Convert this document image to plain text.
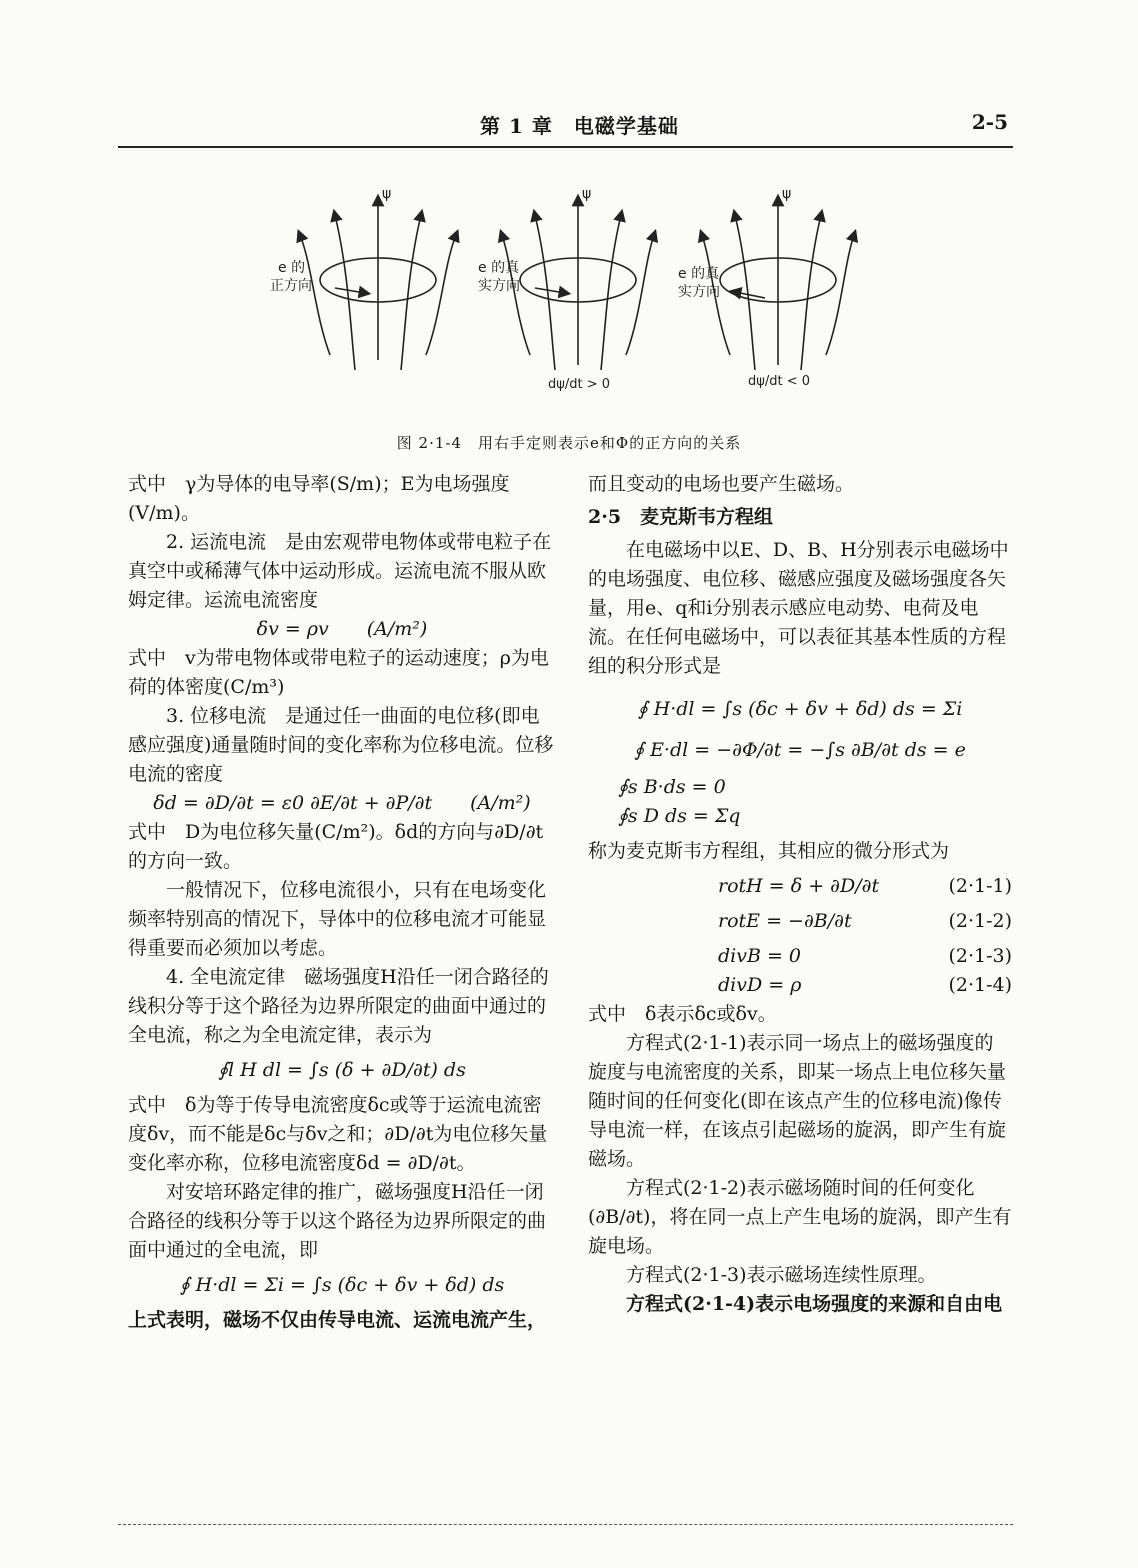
第 1 章　电磁学基础	2-5
ψ	ψ	ψ
e 的
正方向
e 的真
实方向
e 的真
实方向
dψ/dt > 0	dψ/dt < 0
图 2·1-4　用右手定则表示e和Φ的正方向的关系

式中　γ为导体的电导率(S/m)；E为电场强度(V/m)。

2. 运流电流　是由宏观带电物体或带电粒子在真空中或稀薄气体中运动形成。运流电流不服从欧姆定律。运流电流密度

δv = ρv　　(A/m²)

式中　v为带电物体或带电粒子的运动速度；ρ为电荷的体密度(C/m³)

3. 位移电流　是通过任一曲面的电位移(即电感应强度)通量随时间的变化率称为位移电流。位移电流的密度

δd = ∂D/∂t = ε0 ∂E/∂t + ∂P/∂t　　(A/m²)

式中　D为电位移矢量(C/m²)。δd的方向与∂D/∂t的方向一致。

一般情况下，位移电流很小，只有在电场变化频率特别高的情况下，导体中的位移电流才可能显得重要而必须加以考虑。

4. 全电流定律　磁场强度H沿任一闭合路径的线积分等于这个路径为边界所限定的曲面中通过的全电流，称之为全电流定律，表示为

∮l H dl = ∫s (δ + ∂D/∂t) ds

式中　δ为等于传导电流密度δc或等于运流电流密度δv，而不能是δc与δv之和；∂D/∂t为电位移矢量变化率亦称，位移电流密度δd = ∂D/∂t。

对安培环路定律的推广，磁场强度H沿任一闭合路径的线积分等于以这个路径为边界所限定的曲面中通过的全电流，即

∮ H·dl = Σi = ∫s (δc + δv + δd) ds

上式表明，磁场不仅由传导电流、运流电流产生，

而且变动的电场也要产生磁场。

2·5　麦克斯韦方程组

在电磁场中以E、D、B、H分别表示电磁场中的电场强度、电位移、磁感应强度及磁场强度各矢量，用e、q和i分别表示感应电动势、电荷及电流。在任何电磁场中，可以表征其基本性质的方程组的积分形式是

∮ H·dl = ∫s (δc + δv + δd) ds = Σi
∮ E·dl = −∂Φ/∂t = −∫s ∂B/∂t ds = e
∮s B·ds = 0
∮s D ds = Σq

称为麦克斯韦方程组，其相应的微分形式为

rotH = δ + ∂D/∂t	(2·1-1)
rotE = −∂B/∂t	(2·1-2)
divB = 0	(2·1-3)
divD = ρ	(2·1-4)

式中　δ表示δc或δv。

方程式(2·1-1)表示同一场点上的磁场强度的旋度与电流密度的关系，即某一场点上电位移矢量随时间的任何变化(即在该点产生的位移电流)像传导电流一样，在该点引起磁场的旋涡，即产生有旋磁场。

方程式(2·1-2)表示磁场随时间的任何变化(∂B/∂t)，将在同一点上产生电场的旋涡，即产生有旋电场。

方程式(2·1-3)表示磁场连续性原理。

方程式(2·1-4)表示电场强度的来源和自由电
